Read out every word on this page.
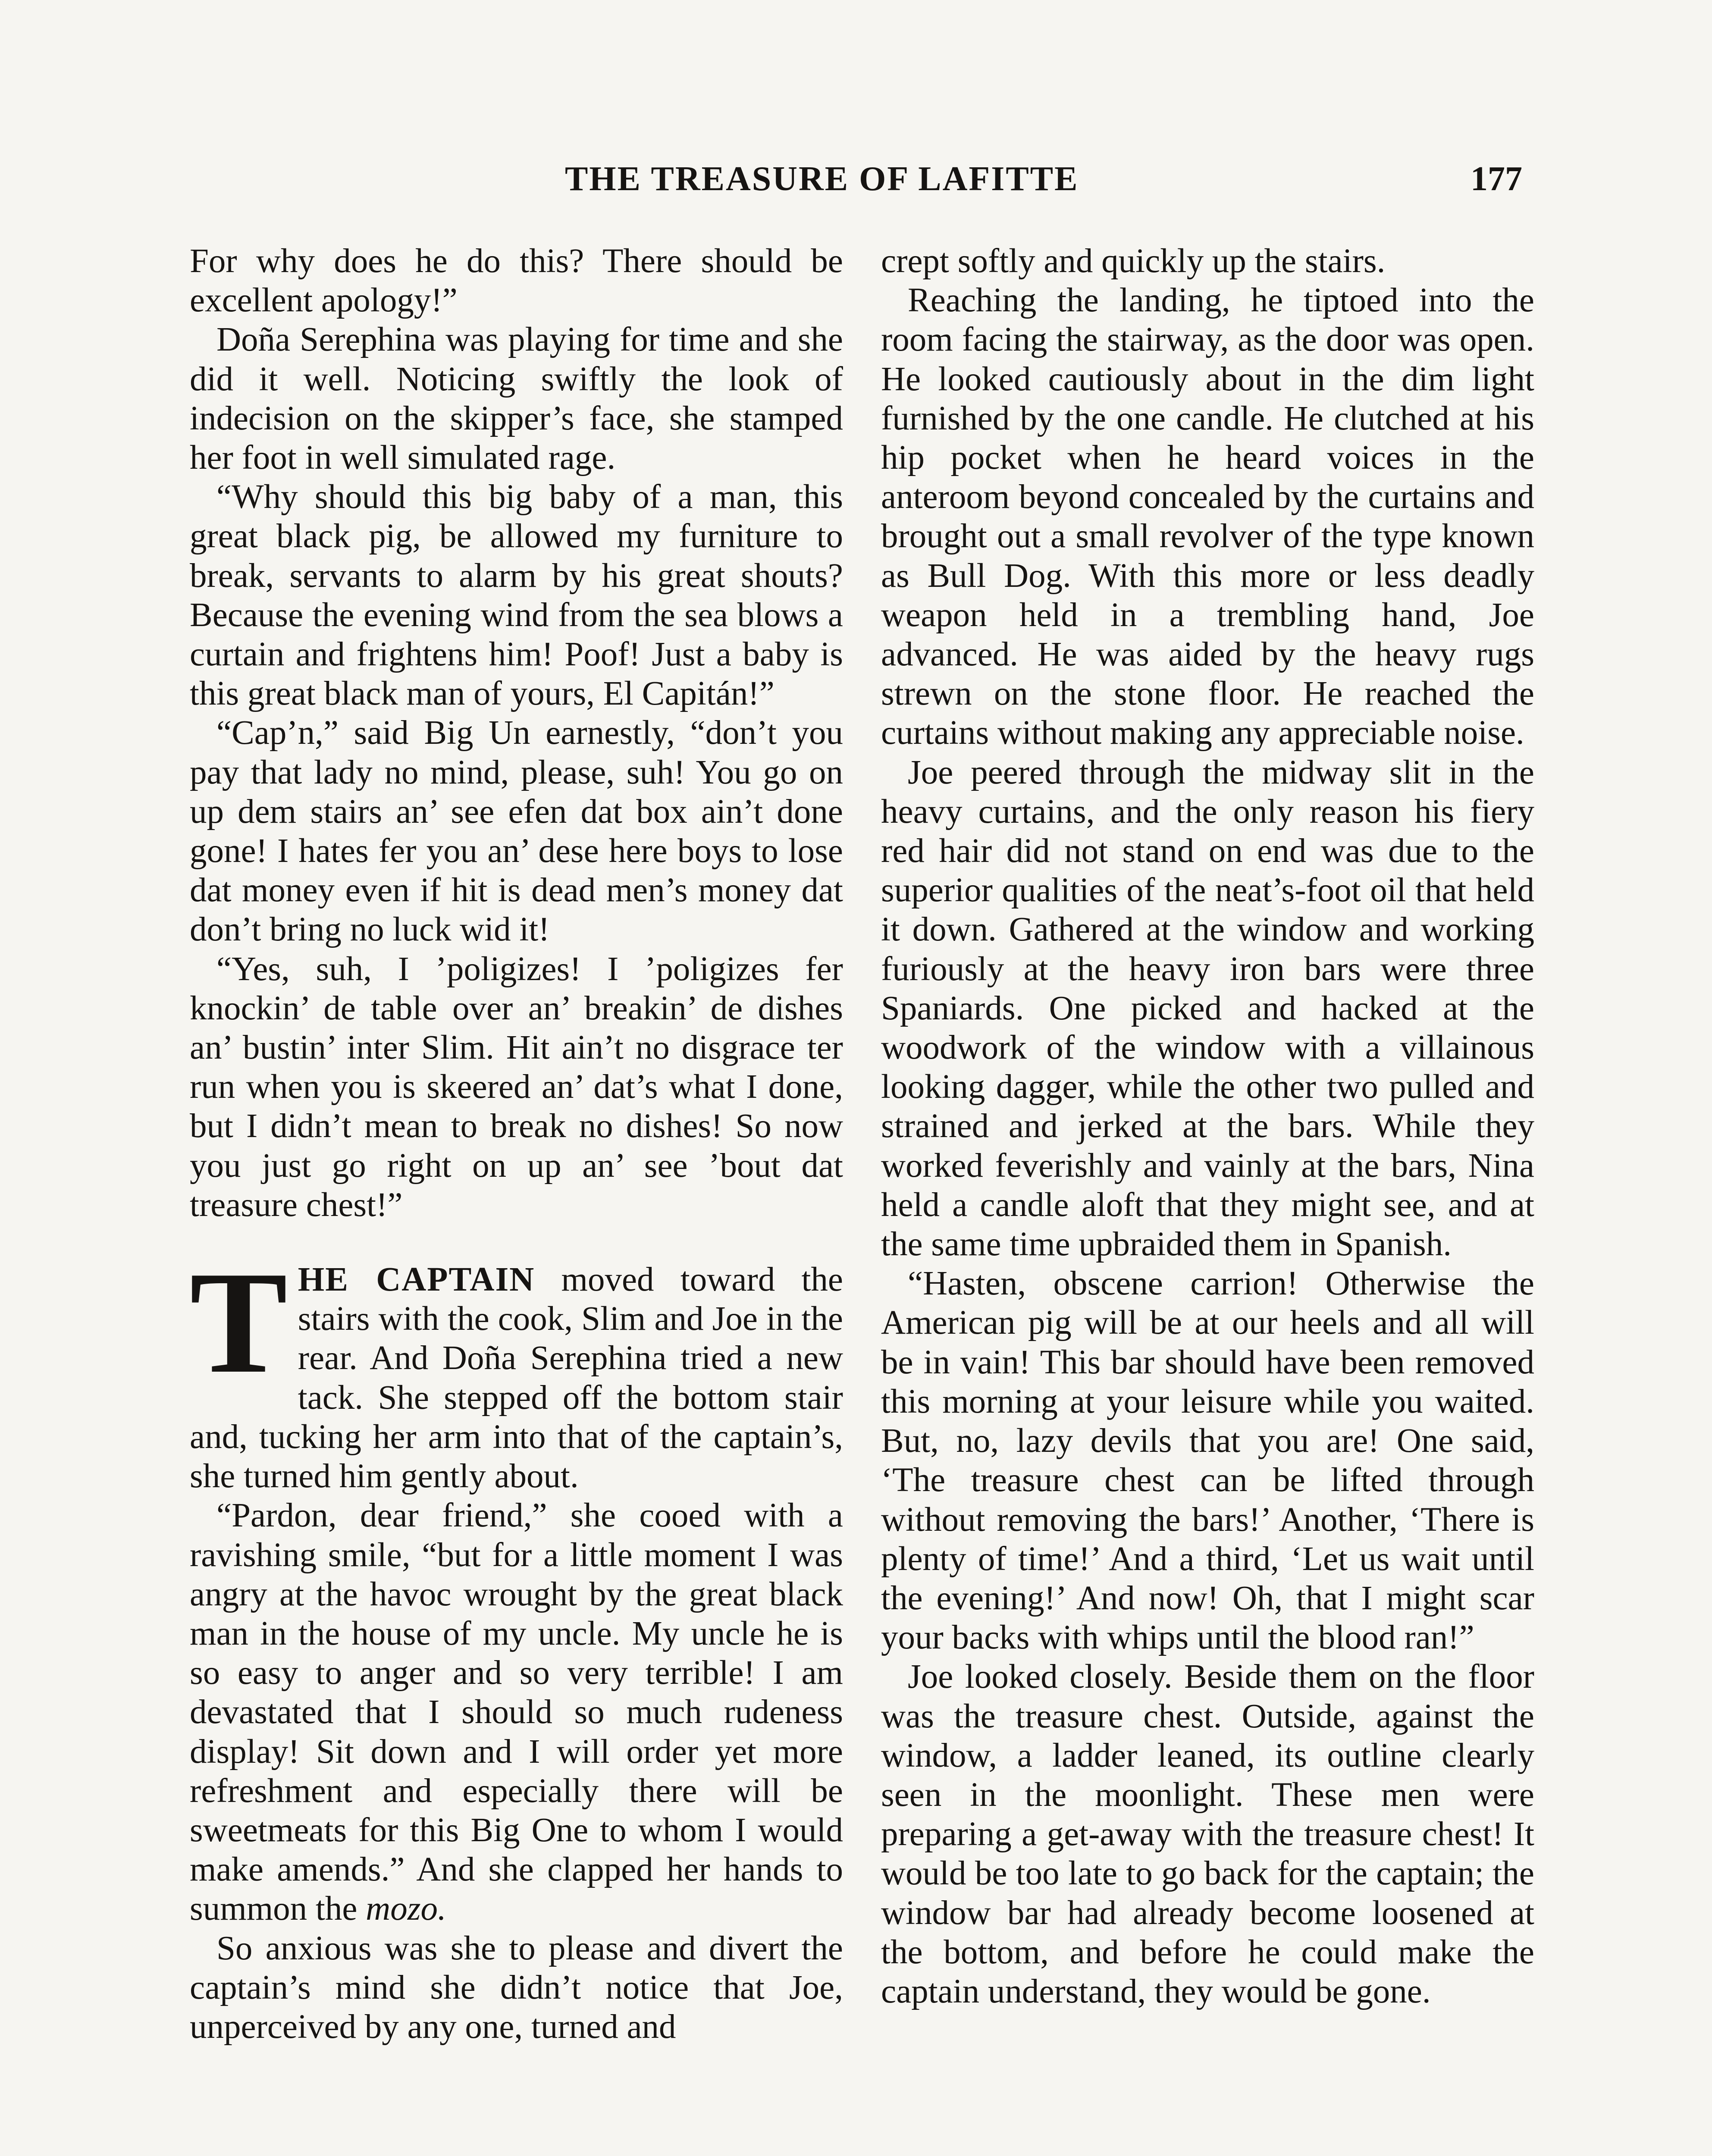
THE TREASURE OF LAFITTE	177

For why does he do this? There should be excellent apology!”

Doña Serephina was playing for time and she did it well. Noticing swiftly the look of indecision on the skipper’s face, she stamped her foot in well simulated rage.

“Why should this big baby of a man, this great black pig, be allowed my furniture to break, servants to alarm by his great shouts? Because the evening wind from the sea blows a curtain and frightens him! Poof! Just a baby is this great black man of yours, El Capitán!”

“Cap’n,” said Big Un earnestly, “don’t you pay that lady no mind, please, suh! You go on up dem stairs an’ see efen dat box ain’t done gone! I hates fer you an’ dese here boys to lose dat money even if hit is dead men’s money dat don’t bring no luck wid it!

“Yes, suh, I ’poligizes! I ’poligizes fer knockin’ de table over an’ breakin’ de dishes an’ bustin’ inter Slim. Hit ain’t no disgrace ter run when you is skeered an’ dat’s what I done, but I didn’t mean to break no dishes! So now you just go right on up an’ see ’bout dat treasure chest!”

THE CAPTAIN moved toward the stairs with the cook, Slim and Joe in the rear. And Doña Serephina tried a new tack. She stepped off the bottom stair and, tucking her arm into that of the captain’s, she turned him gently about.

“Pardon, dear friend,” she cooed with a ravishing smile, “but for a little moment I was angry at the havoc wrought by the great black man in the house of my uncle. My uncle he is so easy to anger and so very terrible! I am devastated that I should so much rudeness display! Sit down and I will order yet more refreshment and especially there will be sweetmeats for this Big One to whom I would make amends.” And she clapped her hands to summon the mozo.

So anxious was she to please and divert the captain’s mind she didn’t notice that Joe, unperceived by any one, turned and

crept softly and quickly up the stairs.

Reaching the landing, he tiptoed into the room facing the stairway, as the door was open. He looked cautiously about in the dim light furnished by the one candle. He clutched at his hip pocket when he heard voices in the anteroom beyond concealed by the curtains and brought out a small revolver of the type known as Bull Dog. With this more or less deadly weapon held in a trembling hand, Joe advanced. He was aided by the heavy rugs strewn on the stone floor. He reached the curtains without making any appreciable noise.

Joe peered through the midway slit in the heavy curtains, and the only reason his fiery red hair did not stand on end was due to the superior qualities of the neat’s-foot oil that held it down. Gathered at the window and working furiously at the heavy iron bars were three Spaniards. One picked and hacked at the woodwork of the window with a villainous looking dagger, while the other two pulled and strained and jerked at the bars. While they worked feverishly and vainly at the bars, Nina held a candle aloft that they might see, and at the same time upbraided them in Spanish.

“Hasten, obscene carrion! Otherwise the American pig will be at our heels and all will be in vain! This bar should have been removed this morning at your leisure while you waited. But, no, lazy devils that you are! One said, ‘The treasure chest can be lifted through without removing the bars!’ Another, ‘There is plenty of time!’ And a third, ‘Let us wait until the evening!’ And now! Oh, that I might scar your backs with whips until the blood ran!”

Joe looked closely. Beside them on the floor was the treasure chest. Outside, against the window, a ladder leaned, its outline clearly seen in the moonlight. These men were preparing a get-away with the treasure chest! It would be too late to go back for the captain; the window bar had already become loosened at the bottom, and before he could make the captain understand, they would be gone.
